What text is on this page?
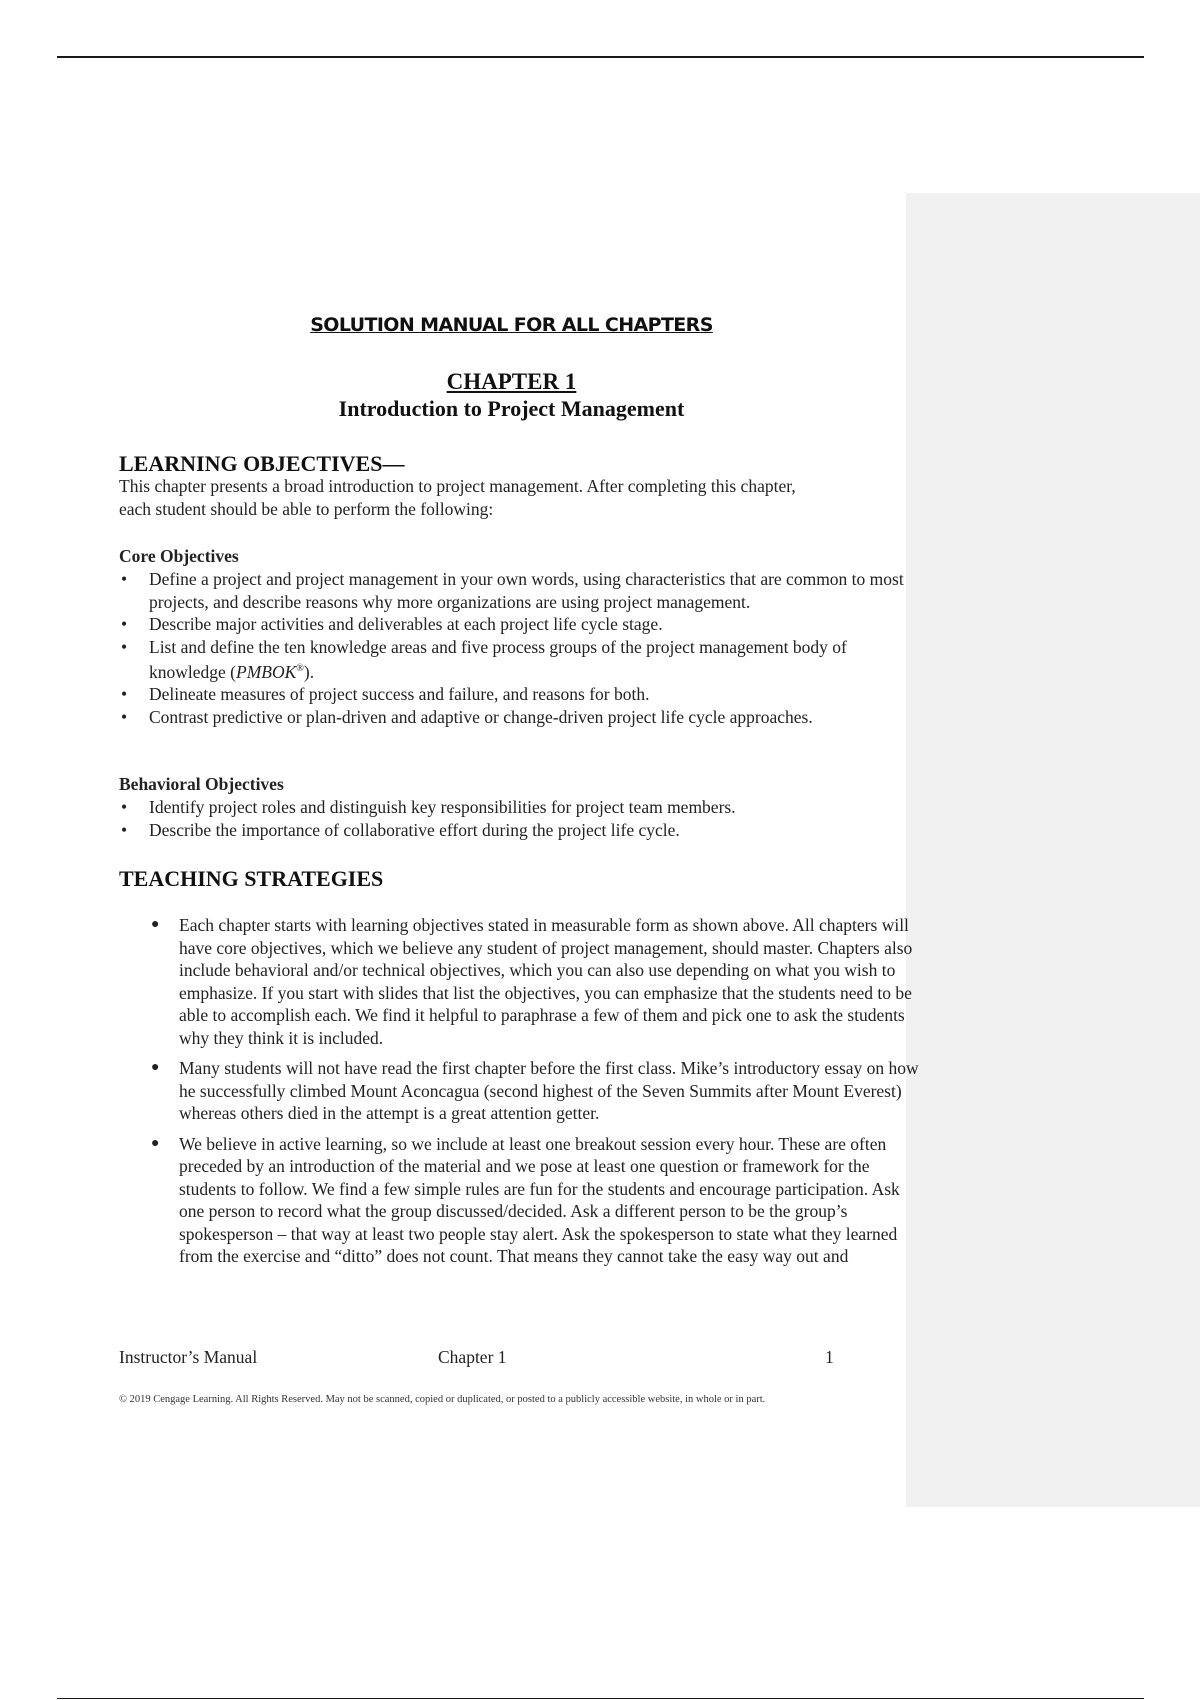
SOLUTION MANUAL FOR ALL CHAPTERS
CHAPTER 1
Introduction to Project Management
LEARNING OBJECTIVES—
This chapter presents a broad introduction to project management. After completing this chapter, each student should be able to perform the following:
Core Objectives
• Define a project and project management in your own words, using characteristics that are common to most projects, and describe reasons why more organizations are using project management.
• Describe major activities and deliverables at each project life cycle stage.
• List and define the ten knowledge areas and five process groups of the project management body of knowledge (PMBOK®).
• Delineate measures of project success and failure, and reasons for both.
• Contrast predictive or plan-driven and adaptive or change-driven project life cycle approaches.
Behavioral Objectives
• Identify project roles and distinguish key responsibilities for project team members.
• Describe the importance of collaborative effort during the project life cycle.
TEACHING STRATEGIES
● Each chapter starts with learning objectives stated in measurable form as shown above. All chapters will have core objectives, which we believe any student of project management, should master. Chapters also include behavioral and/or technical objectives, which you can also use depending on what you wish to emphasize. If you start with slides that list the objectives, you can emphasize that the students need to be able to accomplish each. We find it helpful to paraphrase a few of them and pick one to ask the students why they think it is included.
● Many students will not have read the first chapter before the first class. Mike’s introductory essay on how he successfully climbed Mount Aconcagua (second highest of the Seven Summits after Mount Everest) whereas others died in the attempt is a great attention getter.
● We believe in active learning, so we include at least one breakout session every hour. These are often preceded by an introduction of the material and we pose at least one question or framework for the students to follow. We find a few simple rules are fun for the students and encourage participation. Ask one person to record what the group discussed/decided. Ask a different person to be the group’s spokesperson – that way at least two people stay alert. Ask the spokesperson to state what they learned from the exercise and “ditto” does not count. That means they cannot take the easy way out and
Instructor’s Manual	Chapter 1	1
© 2019 Cengage Learning. All Rights Reserved. May not be scanned, copied or duplicated, or posted to a publicly accessible website, in whole or in part.
